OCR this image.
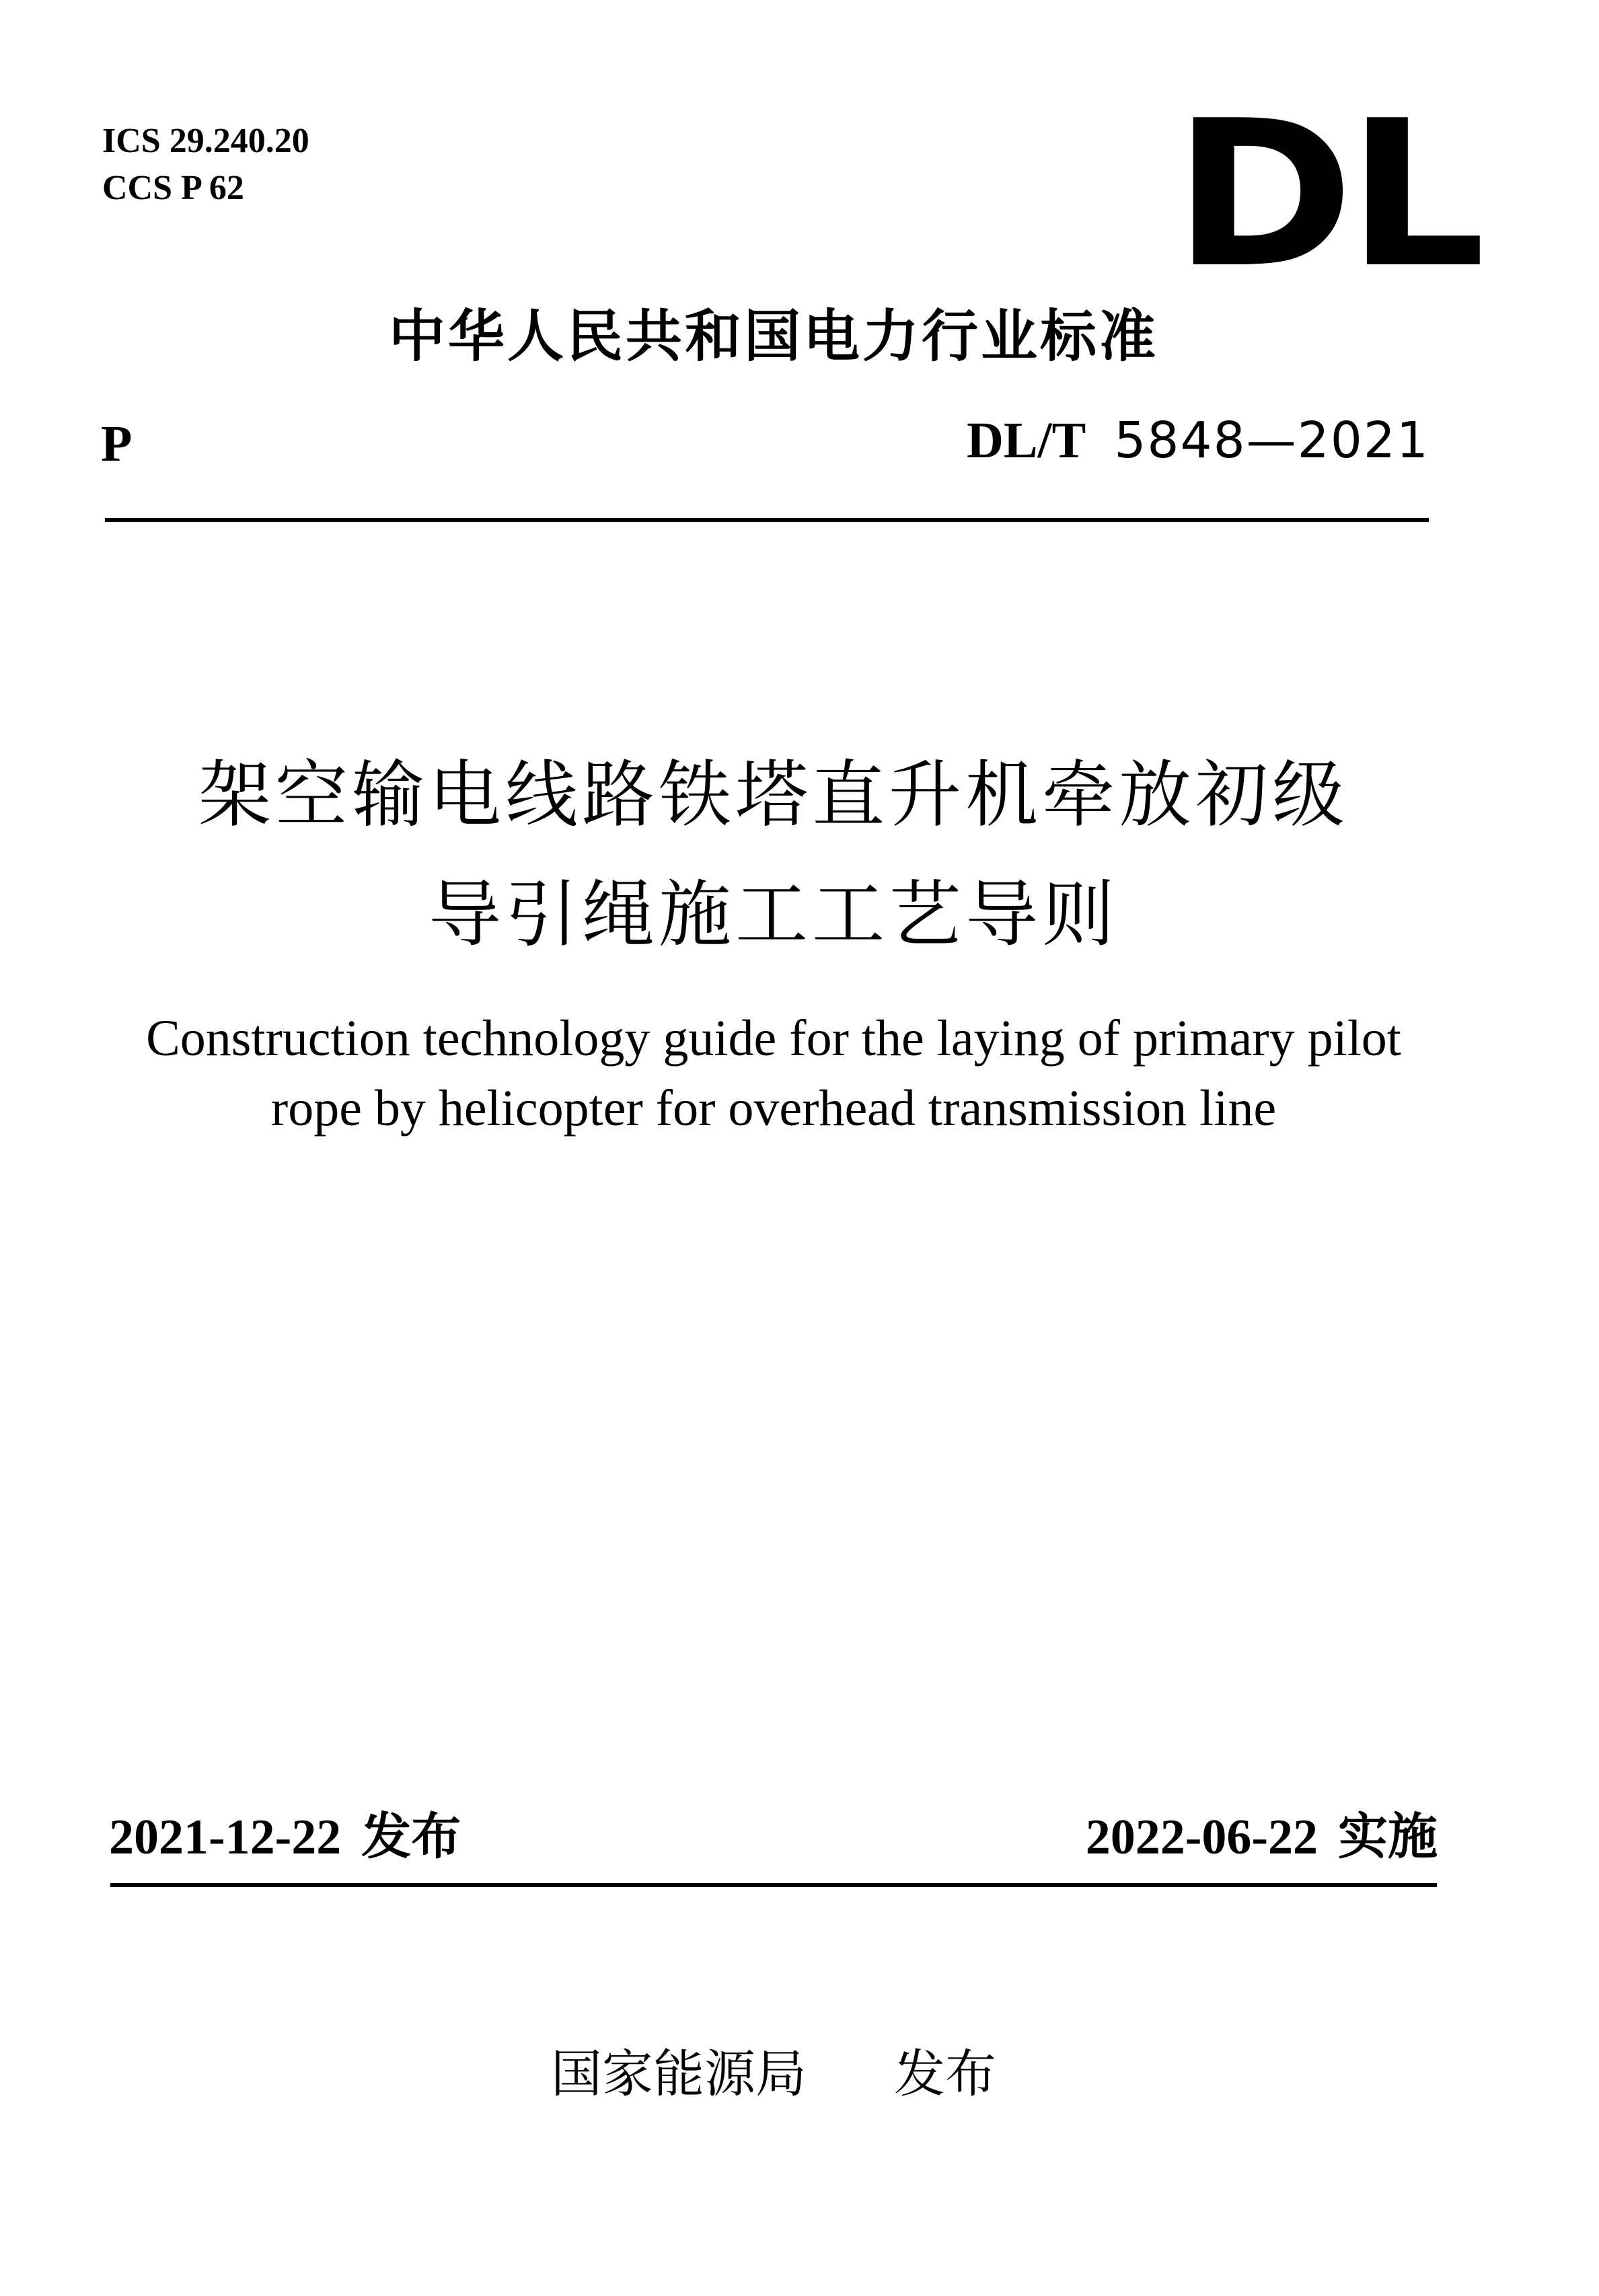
ICS 29.240.20
CCS P 62	DL
中华人民共和国电力行业标准
P	DL/T 5848—2021
架空输电线路铁塔直升机牵放初级
导引绳施工工艺导则
Construction technology guide for the laying of primary pilot
rope by helicopter for overhead transmission line
2021-12-22 发布	2022-06-22 实施
国家能源局 发布
